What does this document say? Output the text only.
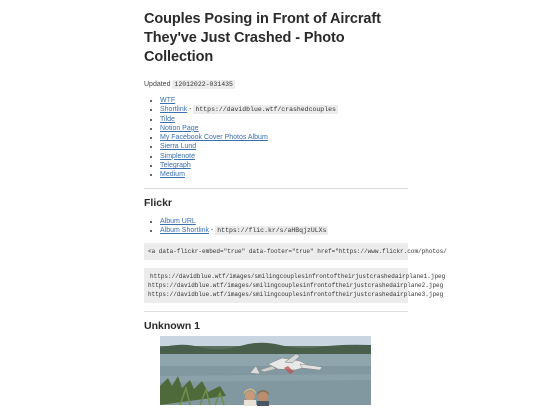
Couples Posing in Front of Aircraft
They've Just Crashed - Photo
Collection
Updated 12012022-031435
• WTF
• Shortlink - https://davidblue.wtf/crashedcouples
• Tilde
• Notion Page
• My Facebook Cover Photos Album
• Sierra Lund
• Simplenote
• Telegraph
• Medium
Flickr
• Album URL
• Album Shortlink - https://flic.kr/s/aHBqjzULXs
<a data-flickr-embed="true" data-footer="true" href="https://www.flickr.com/photos/
https://davidblue.wtf/images/smilingcouplesinfrontoftheirjustcrashedairplane1.jpeg
https://davidblue.wtf/images/smilingcouplesinfrontoftheirjustcrashedairplane2.jpeg
https://davidblue.wtf/images/smilingcouplesinfrontoftheirjustcrashedairplane3.jpeg
Unknown 1
